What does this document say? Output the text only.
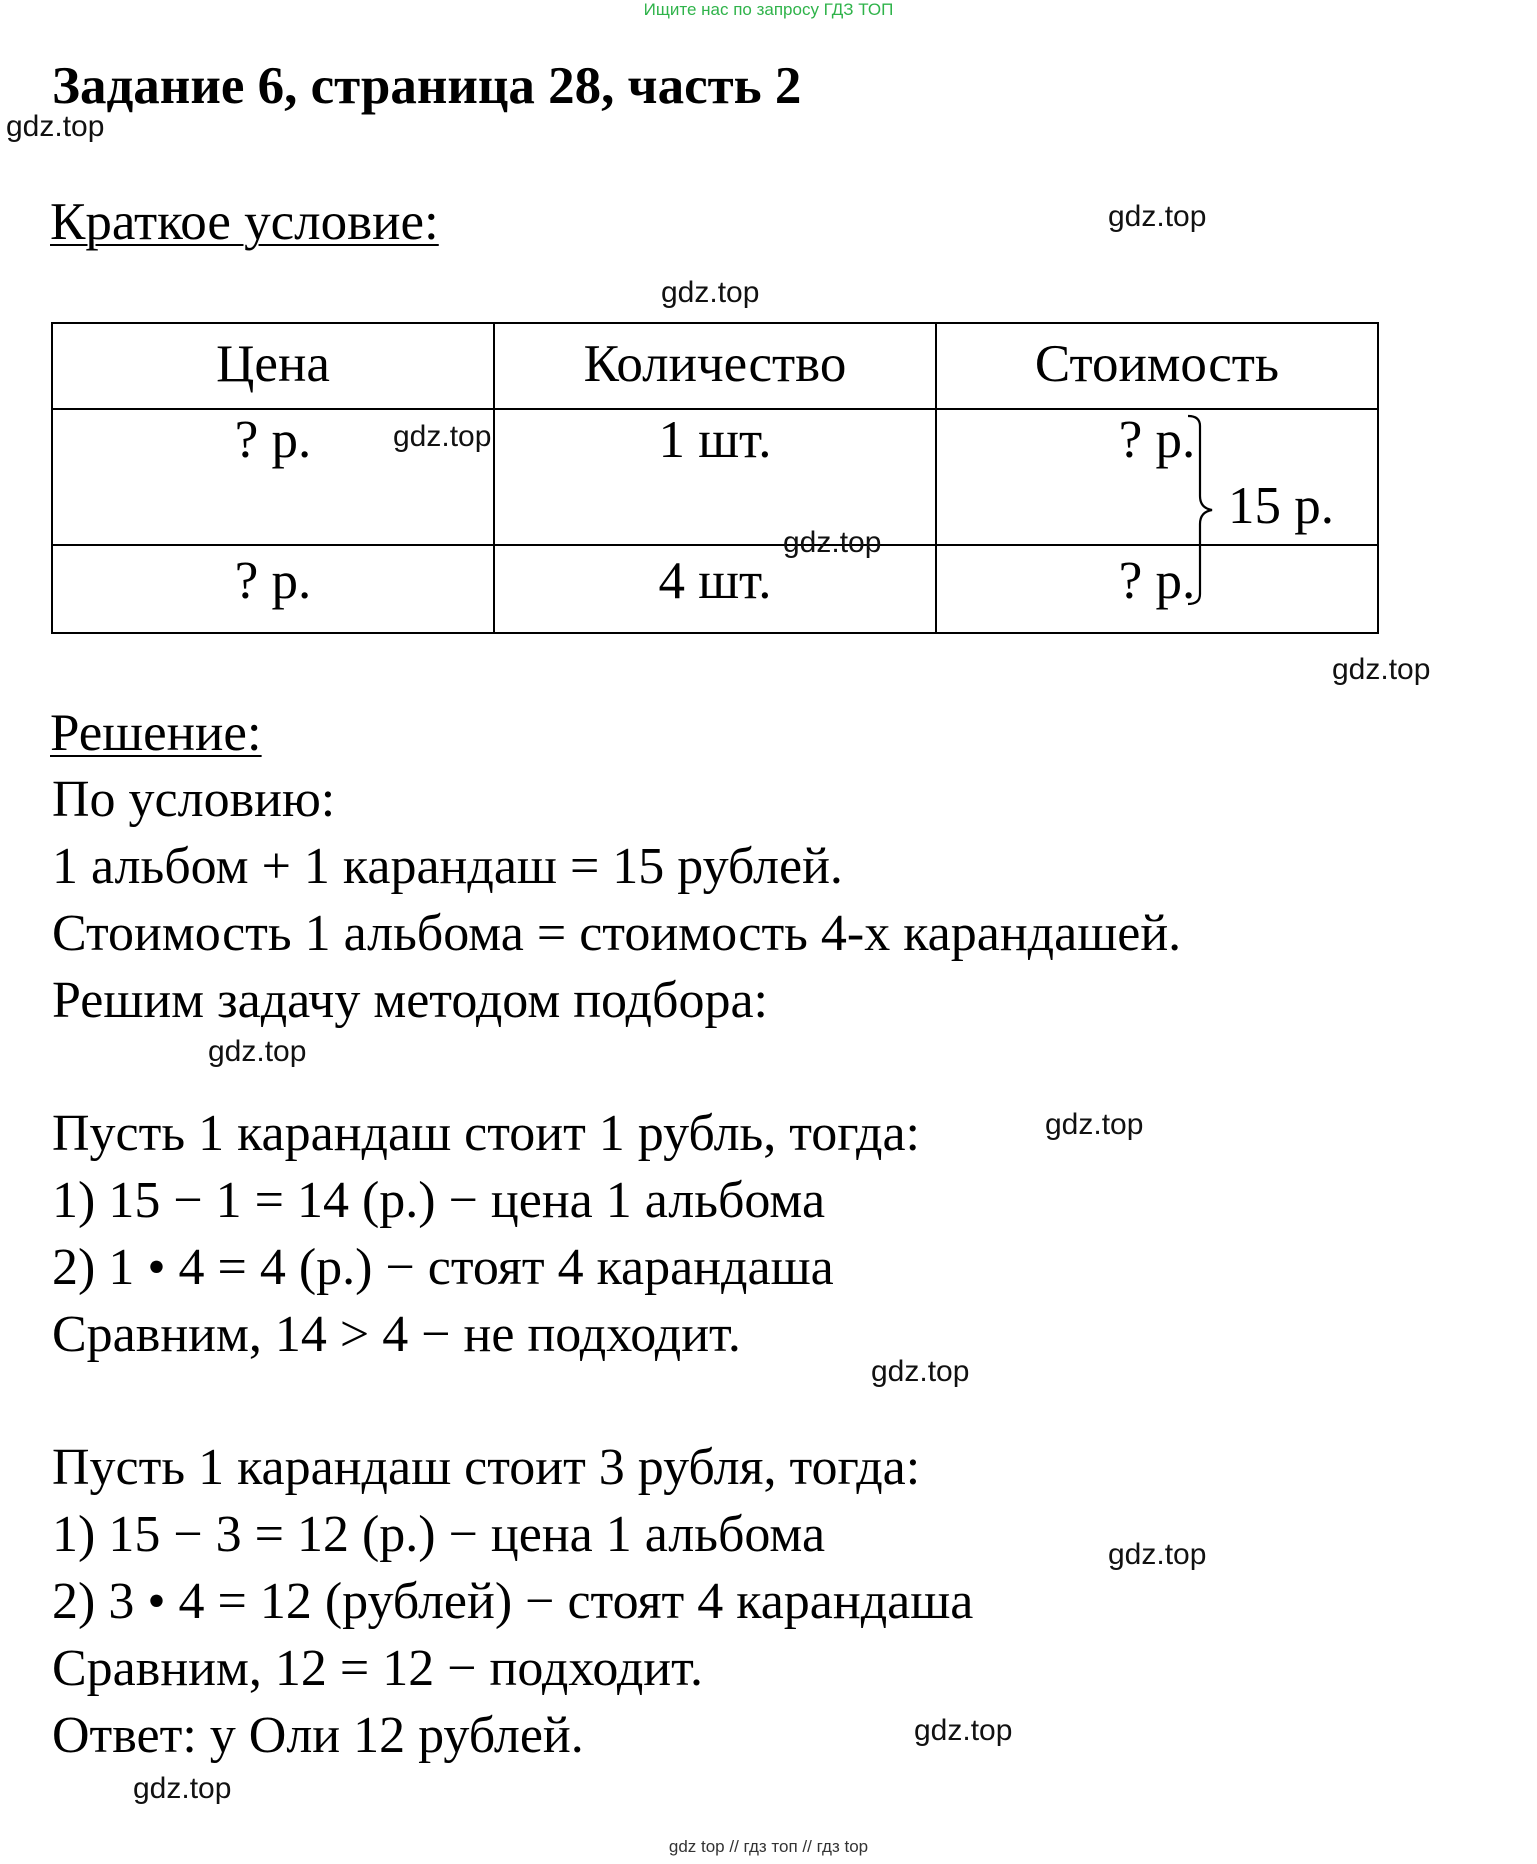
Ищите нас по запросу ГДЗ ТОП
Задание 6, страница 28, часть 2
gdz.top
gdz.top
gdz.top
gdz.top
gdz.top
gdz.top
gdz.top
gdz.top
gdz.top
gdz.top
gdz.top
Краткое условие:
Цена	Количество	Стоимость
? р. gdz.top	1 шт.	? р.
? р.	4 шт.	? р.
15 р.
Решение:
По условию:
1 альбом + 1 карандаш = 15 рублей.
Стоимость 1 альбома = стоимость 4-х карандашей.
Решим задачу методом подбора:
Пусть 1 карандаш стоит 1 рубль, тогда:
1) 15 − 1 = 14 (р.) − цена 1 альбома
2) 1 • 4 = 4 (р.) − стоят 4 карандаша
Сравним, 14 > 4 − не подходит.
Пусть 1 карандаш стоит 3 рубля, тогда:
1) 15 − 3 = 12 (р.) − цена 1 альбома
2) 3 • 4 = 12 (рублей) − стоят 4 карандаша
Сравним, 12 = 12 − подходит.
Ответ: у Оли 12 рублей.
gdz top // гдз топ // гдз top
